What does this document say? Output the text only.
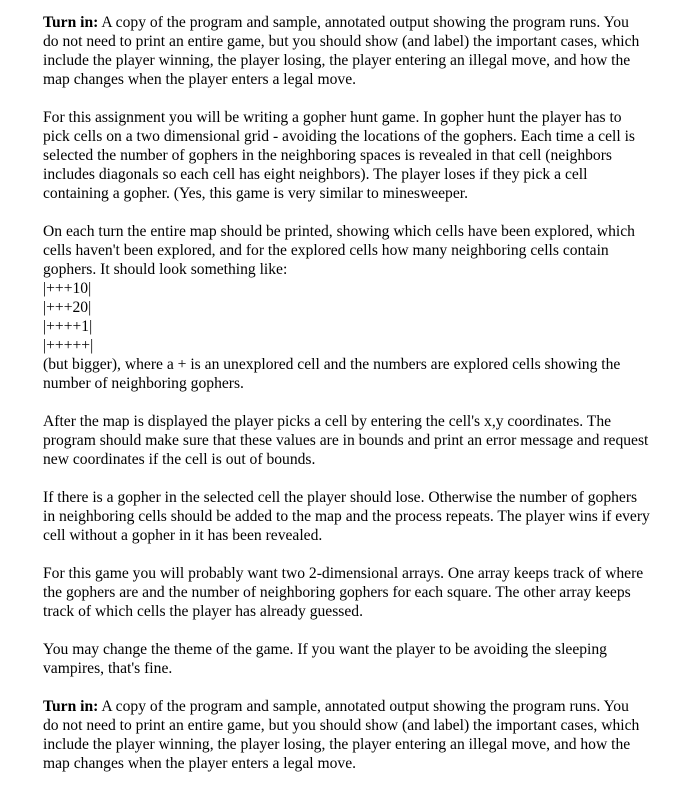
Turn in: A copy of the program and sample, annotated output showing the program runs. You
do not need to print an entire game, but you should show (and label) the important cases, which
include the player winning, the player losing, the player entering an illegal move, and how the
map changes when the player enters a legal move.

For this assignment you will be writing a gopher hunt game. In gopher hunt the player has to
pick cells on a two dimensional grid - avoiding the locations of the gophers. Each time a cell is
selected the number of gophers in the neighboring spaces is revealed in that cell (neighbors
includes diagonals so each cell has eight neighbors). The player loses if they pick a cell
containing a gopher. (Yes, this game is very similar to minesweeper.

On each turn the entire map should be printed, showing which cells have been explored, which
cells haven't been explored, and for the explored cells how many neighboring cells contain
gophers. It should look something like:
|+++10|
|+++20|
|++++1|
|+++++|
(but bigger), where a + is an unexplored cell and the numbers are explored cells showing the
number of neighboring gophers.

After the map is displayed the player picks a cell by entering the cell's x,y coordinates. The
program should make sure that these values are in bounds and print an error message and request
new coordinates if the cell is out of bounds.

If there is a gopher in the selected cell the player should lose. Otherwise the number of gophers
in neighboring cells should be added to the map and the process repeats. The player wins if every
cell without a gopher in it has been revealed.

For this game you will probably want two 2-dimensional arrays. One array keeps track of where
the gophers are and the number of neighboring gophers for each square. The other array keeps
track of which cells the player has already guessed.

You may change the theme of the game. If you want the player to be avoiding the sleeping
vampires, that's fine.

Turn in: A copy of the program and sample, annotated output showing the program runs. You
do not need to print an entire game, but you should show (and label) the important cases, which
include the player winning, the player losing, the player entering an illegal move, and how the
map changes when the player enters a legal move.
